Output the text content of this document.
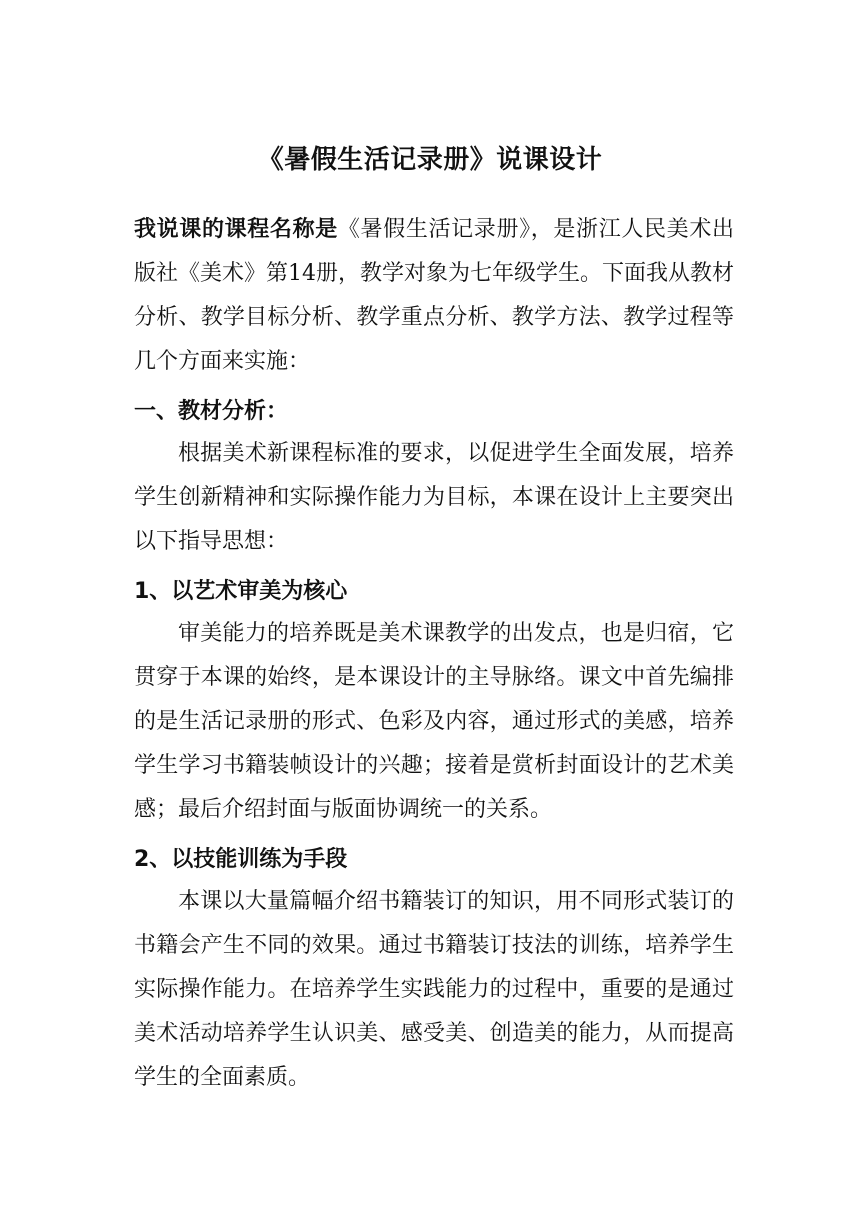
《暑假生活记录册》说课设计

我说课的课程名称是《暑假生活记录册》，是浙江人民美术出版社《美术》第14册，教学对象为七年级学生。下面我从教材分析、教学目标分析、教学重点分析、教学方法、教学过程等几个方面来实施：

一、教材分析：

根据美术新课程标准的要求，以促进学生全面发展，培养学生创新精神和实际操作能力为目标，本课在设计上主要突出以下指导思想：

1、以艺术审美为核心

审美能力的培养既是美术课教学的出发点，也是归宿，它贯穿于本课的始终，是本课设计的主导脉络。课文中首先编排的是生活记录册的形式、色彩及内容，通过形式的美感，培养学生学习书籍装帧设计的兴趣；接着是赏析封面设计的艺术美感；最后介绍封面与版面协调统一的关系。

2、以技能训练为手段

本课以大量篇幅介绍书籍装订的知识，用不同形式装订的书籍会产生不同的效果。通过书籍装订技法的训练，培养学生实际操作能力。在培养学生实践能力的过程中，重要的是通过美术活动培养学生认识美、感受美、创造美的能力，从而提高学生的全面素质。
